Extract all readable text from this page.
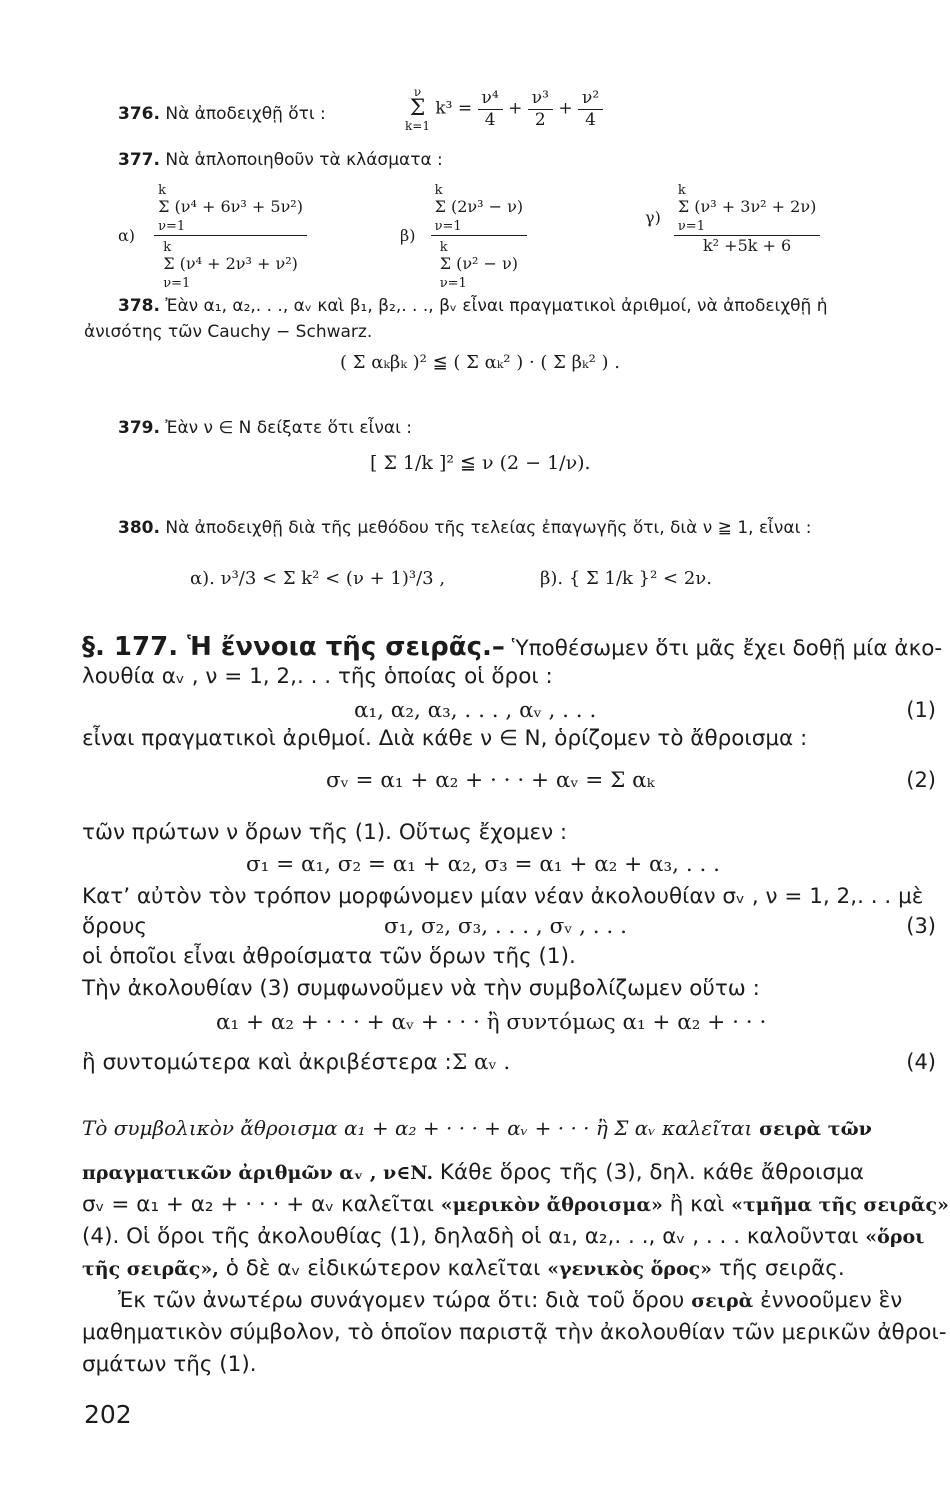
376. Νὰ ἀποδειχθῇ ὅτι :
ν
Σ
k=1
$k^3 = \frac{\text{ν⁴}}{4} + \frac{\text{ν³}}{2} + \frac{\text{ν²}}{4}$
377. Νὰ ἁπλοποιηθοῦν τὰ κλάσματα :
α)
k
Σ (ν⁴ + 6ν³ + 5ν²)
ν=1
k
Σ (ν⁴ + 2ν³ + ν²)
ν=1
β)
k
Σ (2ν³ − ν)
ν=1
k
Σ (ν² − ν)
ν=1
γ)
k
Σ (ν³ + 3ν² + 2ν)
ν=1
k² +5k + 6
378. Ἐὰν α₁, α₂,. . ., αᵥ καὶ β₁, β₂,. . ., βᵥ εἶναι πραγματικοὶ ἀριθμοί, νὰ ἀποδειχθῇ ἡ
ἀνισότης τῶν Cauchy − Schwarz.
( Σ αₖβₖ )² ≦ ( Σ αₖ² ) · ( Σ βₖ² ) .
379. Ἐὰν ν ∈ N δείξατε ὅτι εἶναι :
[ Σ 1/k ]² ≦ ν (2 − 1/ν).
380. Νὰ ἀποδειχθῇ διὰ τῆς μεθόδου τῆς τελείας ἐπαγωγῆς ὅτι, διὰ ν ≧ 1, εἶναι :
α). ν³/3 < Σ k² < (ν + 1)³/3 ,	β). { Σ 1/k }² < 2ν.
§. 177. Ἡ ἔννοια τῆς σειρᾶς.– Ὑποθέσωμεν ὅτι μᾶς ἔχει δοθῇ μία ἀκο-
λουθία αᵥ , ν = 1, 2,. . . τῆς ὁποίας οἱ ὅροι :
α₁, α₂, α₃, . . . , αᵥ , . . .	(1)
εἶναι πραγματικοὶ ἀριθμοί. Διὰ κάθε ν ∈ N, ὁρίζομεν τὸ ἄθροισμα :
σᵥ = α₁ + α₂ + · · · + αᵥ = Σ αₖ	(2)
τῶν πρώτων ν ὅρων τῆς (1). Οὕτως ἔχομεν :
σ₁ = α₁, σ₂ = α₁ + α₂, σ₃ = α₁ + α₂ + α₃, . . .
Κατ’ αὐτὸν τὸν τρόπον μορφώνομεν μίαν νέαν ἀκολουθίαν σᵥ , ν = 1, 2,. . . μὲ
ὅρους	σ₁, σ₂, σ₃, . . . , σᵥ , . . .	(3)
οἱ ὁποῖοι εἶναι ἀθροίσματα τῶν ὅρων τῆς (1).
Τὴν ἀκολουθίαν (3) συμφωνοῦμεν νὰ τὴν συμβολίζωμεν οὕτω :
α₁ + α₂ + · · · + αᵥ + · · · ἢ συντόμως α₁ + α₂ + · · ·
ἢ συντομώτερα καὶ ἀκριβέστερα : Σ αᵥ .	(4)
Τὸ συμβολικὸν ἄθροισμα α₁ + α₂ + · · · + αᵥ + · · · ἢ Σ αᵥ καλεῖται σειρὰ τῶν
πραγματικῶν ἀριθμῶν αᵥ , ν∈N. Κάθε ὅρος τῆς (3), δηλ. κάθε ἄθροισμα
σᵥ = α₁ + α₂ + · · · + αᵥ καλεῖται «μερικὸν ἄθροισμα» ἢ καὶ «τμῆμα τῆς σειρᾶς»
(4). Οἱ ὅροι τῆς ἀκολουθίας (1), δηλαδὴ οἱ α₁, α₂,. . ., αᵥ , . . . καλοῦνται «ὅροι
τῆς σειρᾶς», ὁ δὲ αᵥ εἰδικώτερον καλεῖται «γενικὸς ὅρος» τῆς σειρᾶς.
Ἐκ τῶν ἀνωτέρω συνάγομεν τώρα ὅτι: διὰ τοῦ ὅρου σειρὰ ἐννοοῦμεν ἓν
μαθηματικὸν σύμβολον, τὸ ὁποῖον παριστᾷ τὴν ἀκολουθίαν τῶν μερικῶν ἀθροι-
σμάτων τῆς (1).
202
